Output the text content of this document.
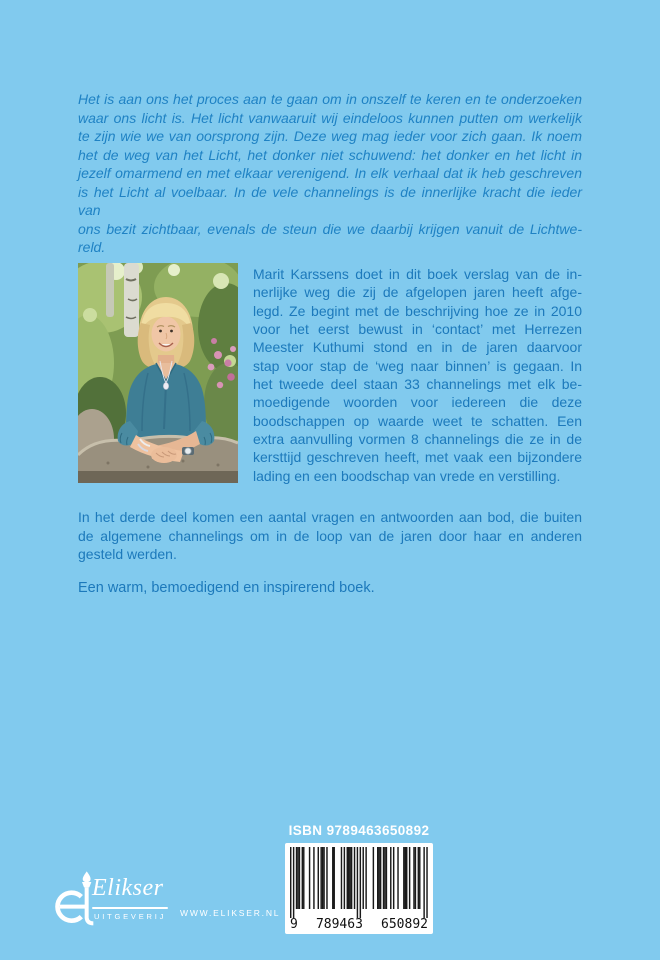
Het is aan ons het proces aan te gaan om in onszelf te keren en te onderzoeken
waar ons licht is. Het licht vanwaaruit wij eindeloos kunnen putten om werkelijk
te zijn wie we van oorsprong zijn. Deze weg mag ieder voor zich gaan. Ik noem
het de weg van het Licht, het donker niet schuwend: het donker en het licht in
jezelf omarmend en met elkaar verenigend. In elk verhaal dat ik heb geschreven
is het Licht al voelbaar. In de vele channelings is de innerlijke kracht die ieder van
ons bezit zichtbaar, evenals de steun die we daarbij krijgen vanuit de Lichtwe-
reld.
Marit Karssens doet in dit boek verslag van de in-
nerlijke weg die zij de afgelopen jaren heeft afge-
legd. Ze begint met de beschrijving hoe ze in 2010
voor het eerst bewust in ‘contact’ met Herrezen
Meester Kuthumi stond en in de jaren daarvoor
stap voor stap de ‘weg naar binnen’ is gegaan. In
het tweede deel staan 33 channelings met elk be-
moedigende woorden voor iedereen die deze
boodschappen op waarde weet te schatten. Een
extra aanvulling vormen 8 channelings die ze in de
kersttijd geschreven heeft, met vaak een bijzondere
lading en een boodschap van vrede en verstilling.
In het derde deel komen een aantal vragen en antwoorden aan bod, die buiten
de algemene channelings om in de loop van de jaren door haar en anderen
gesteld werden.
Een warm, bemoedigend en inspirerend boek.
ISBN 9789463650892
9 789463 650892
Elikser
UITGEVERIJ WWW.ELIKSER.NL
